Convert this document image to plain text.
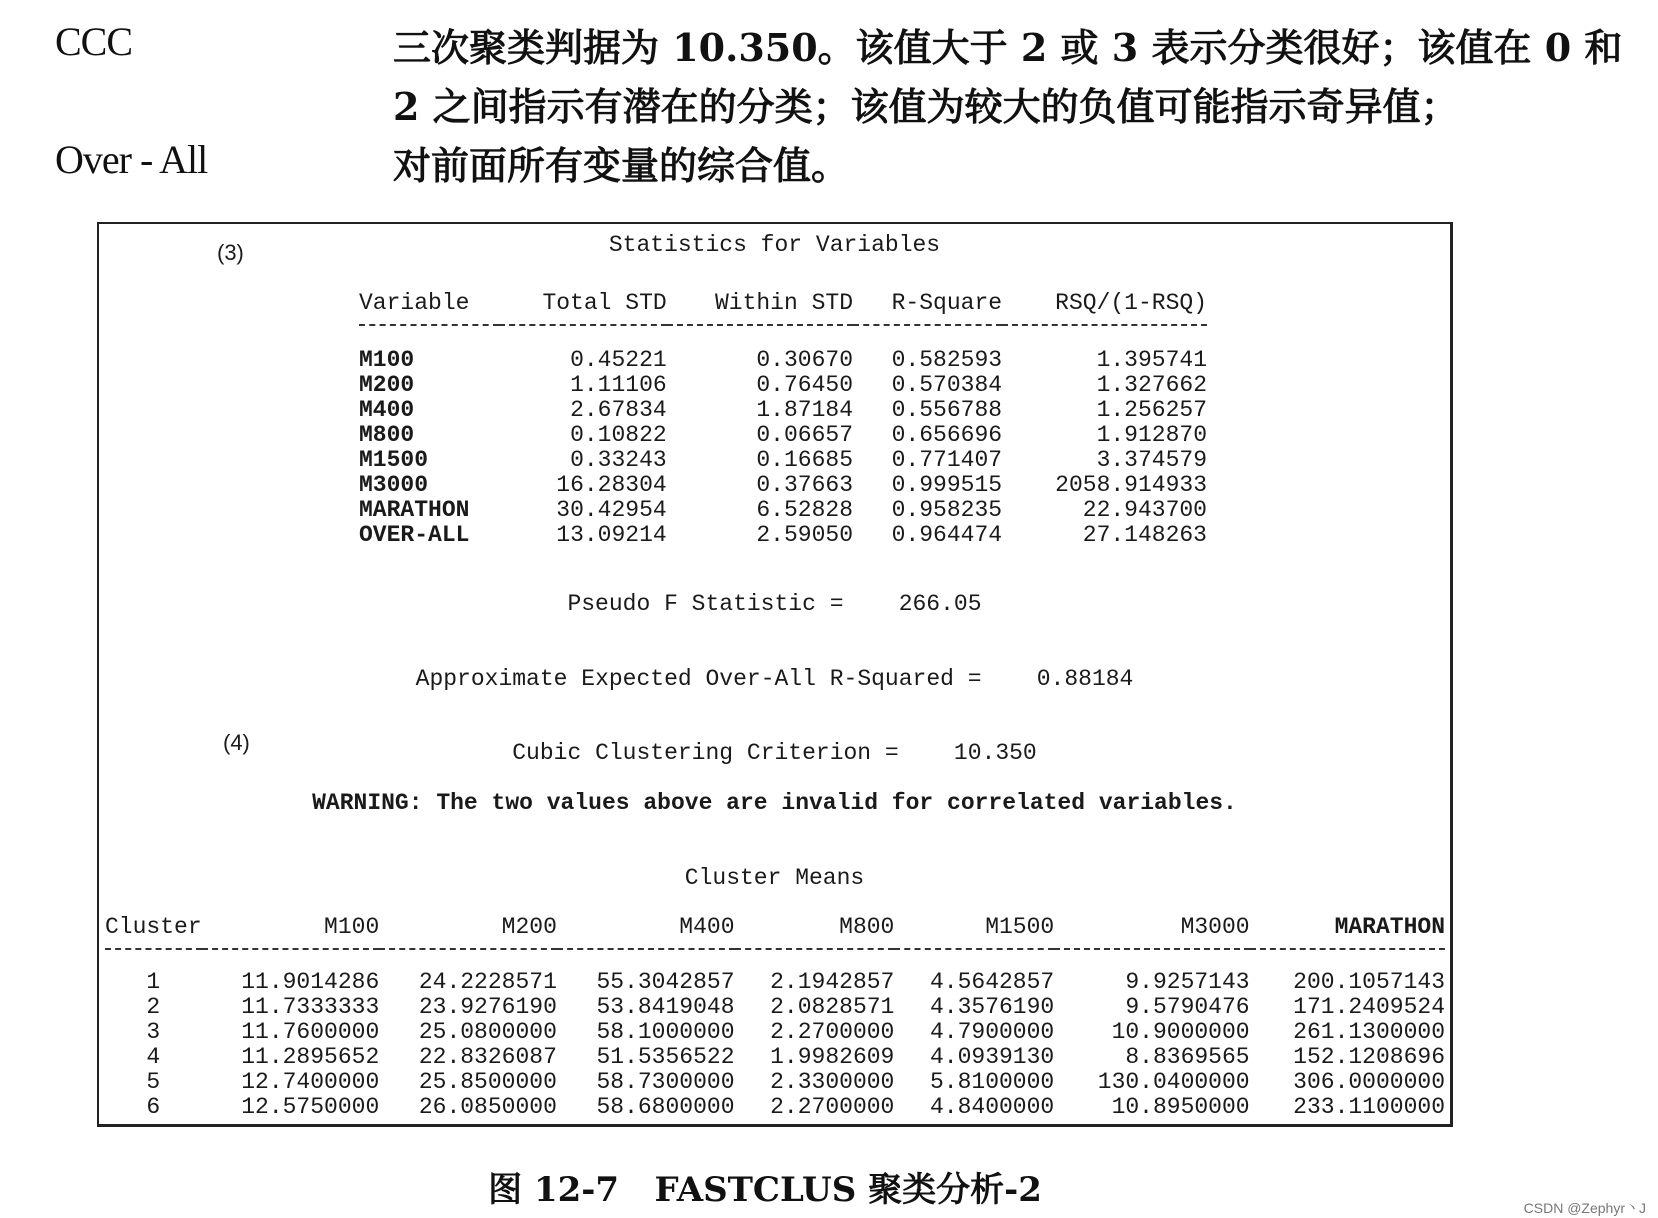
CCC	三次聚类判据为 10.350。该值大于 2 或 3 表示分类很好；该值在 0 和 2 之间指示有潜在的分类；该值为较大的负值可能指示奇异值；
Over - All	对前面所有变量的综合值。
(3)	Statistics for Variables
Variable	Total STD	Within STD	R-Square	RSQ/(1-RSQ)

M100	0.45221	0.30670	0.582593	1.395741
M200	1.11106	0.76450	0.570384	1.327662
M400	2.67834	1.87184	0.556788	1.256257
M800	0.10822	0.06657	0.656696	1.912870
M1500	0.33243	0.16685	0.771407	3.374579
M3000	16.28304	0.37663	0.999515	2058.914933
MARATHON	30.42954	6.52828	0.958235	22.943700
OVER-ALL	13.09214	2.59050	0.964474	27.148263
Pseudo F Statistic =    266.05
Approximate Expected Over-All R-Squared =    0.88184
(4)	Cubic Clustering Criterion =    10.350
WARNING: The two values above are invalid for correlated variables.
Cluster Means
Cluster	M100	M200	M400	M800	M1500	M3000	MARATHON

1	11.9014286	24.2228571	55.3042857	2.1942857	4.5642857	9.9257143	200.1057143
2	11.7333333	23.9276190	53.8419048	2.0828571	4.3576190	9.5790476	171.2409524
3	11.7600000	25.0800000	58.1000000	2.2700000	4.7900000	10.9000000	261.1300000
4	11.2895652	22.8326087	51.5356522	1.9982609	4.0939130	8.8369565	152.1208696
5	12.7400000	25.8500000	58.7300000	2.3300000	5.8100000	130.0400000	306.0000000
6	12.5750000	26.0850000	58.6800000	2.2700000	4.8400000	10.8950000	233.1100000
图 12-7   FASTCLUS 聚类分析-2	CSDN @Zephyr丶J
